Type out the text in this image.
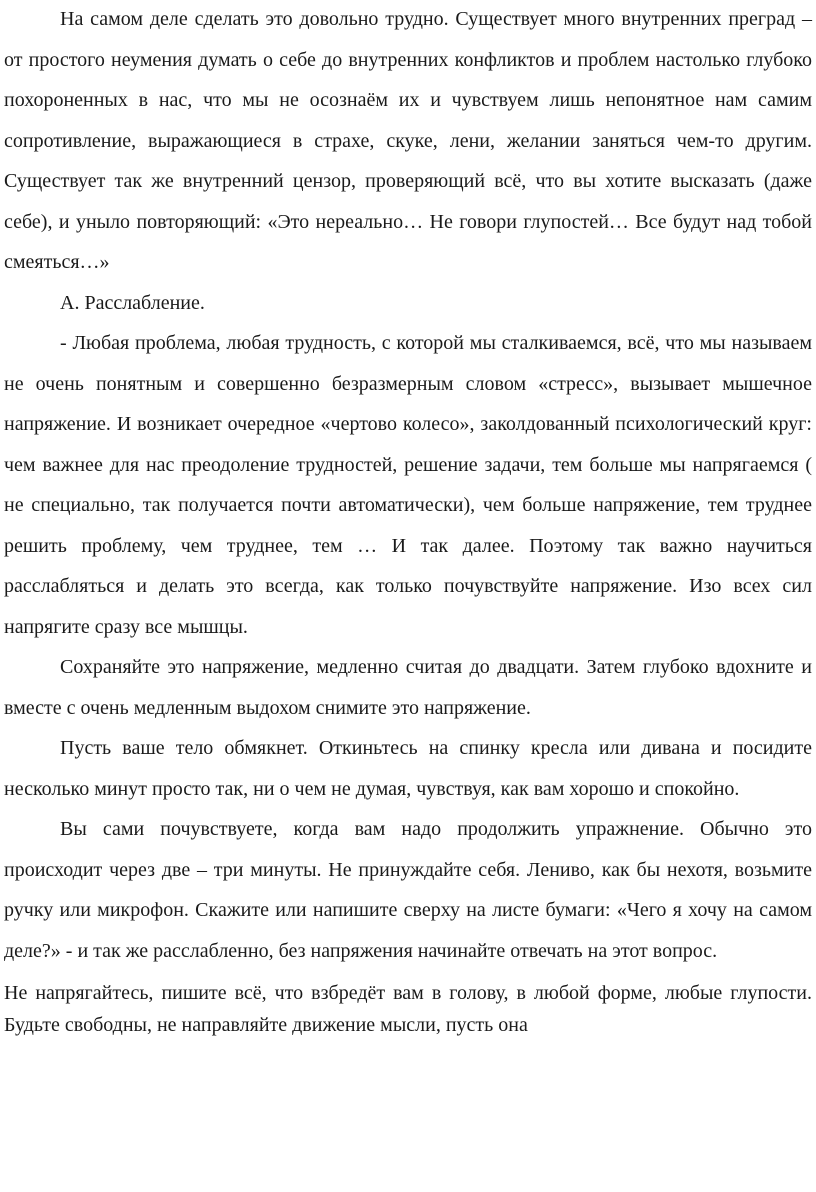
На самом деле сделать это довольно трудно. Существует много внутренних преград – от простого неумения думать о себе до внутренних конфликтов и проблем настолько глубоко похороненных в нас, что мы не осознаём их и чувствуем лишь непонятное нам самим сопротивление, выражающиеся в страхе, скуке, лени, желании заняться чем-то другим. Существует так же внутренний цензор, проверяющий всё, что вы хотите высказать (даже себе), и уныло повторяющий: «Это нереально… Не говори глупостей… Все будут над тобой смеяться…»

А. Расслабление.

- Любая проблема, любая трудность, с которой мы сталкиваемся, всё, что мы называем не очень понятным и совершенно безразмерным словом «стресс», вызывает мышечное напряжение. И возникает очередное «чертово колесо», заколдованный психологический круг: чем важнее для нас преодоление трудностей, решение задачи, тем больше мы напрягаемся ( не специально, так получается почти автоматически), чем больше напряжение, тем труднее решить проблему, чем труднее, тем … И так далее. Поэтому так важно научиться расслабляться и делать это всегда, как только почувствуйте напряжение. Изо всех сил напрягите сразу все мышцы.

Сохраняйте это напряжение, медленно считая до двадцати. Затем глубоко вдохните и вместе с очень медленным выдохом снимите это напряжение.

Пусть ваше тело обмякнет. Откиньтесь на спинку кресла или дивана и посидите несколько минут просто так, ни о чем не думая, чувствуя, как вам хорошо и спокойно.

Вы сами почувствуете, когда вам надо продолжить упражнение. Обычно это происходит через две – три минуты. Не принуждайте себя. Лениво, как бы нехотя, возьмите ручку или микрофон. Скажите или напишите сверху на листе бумаги: «Чего я хочу на самом деле?» - и так же расслабленно, без напряжения начинайте отвечать на этот вопрос.

Не напрягайтесь, пишите всё, что взбредёт вам в голову, в любой форме, любые глупости. Будьте свободны, не направляйте движение мысли, пусть она
